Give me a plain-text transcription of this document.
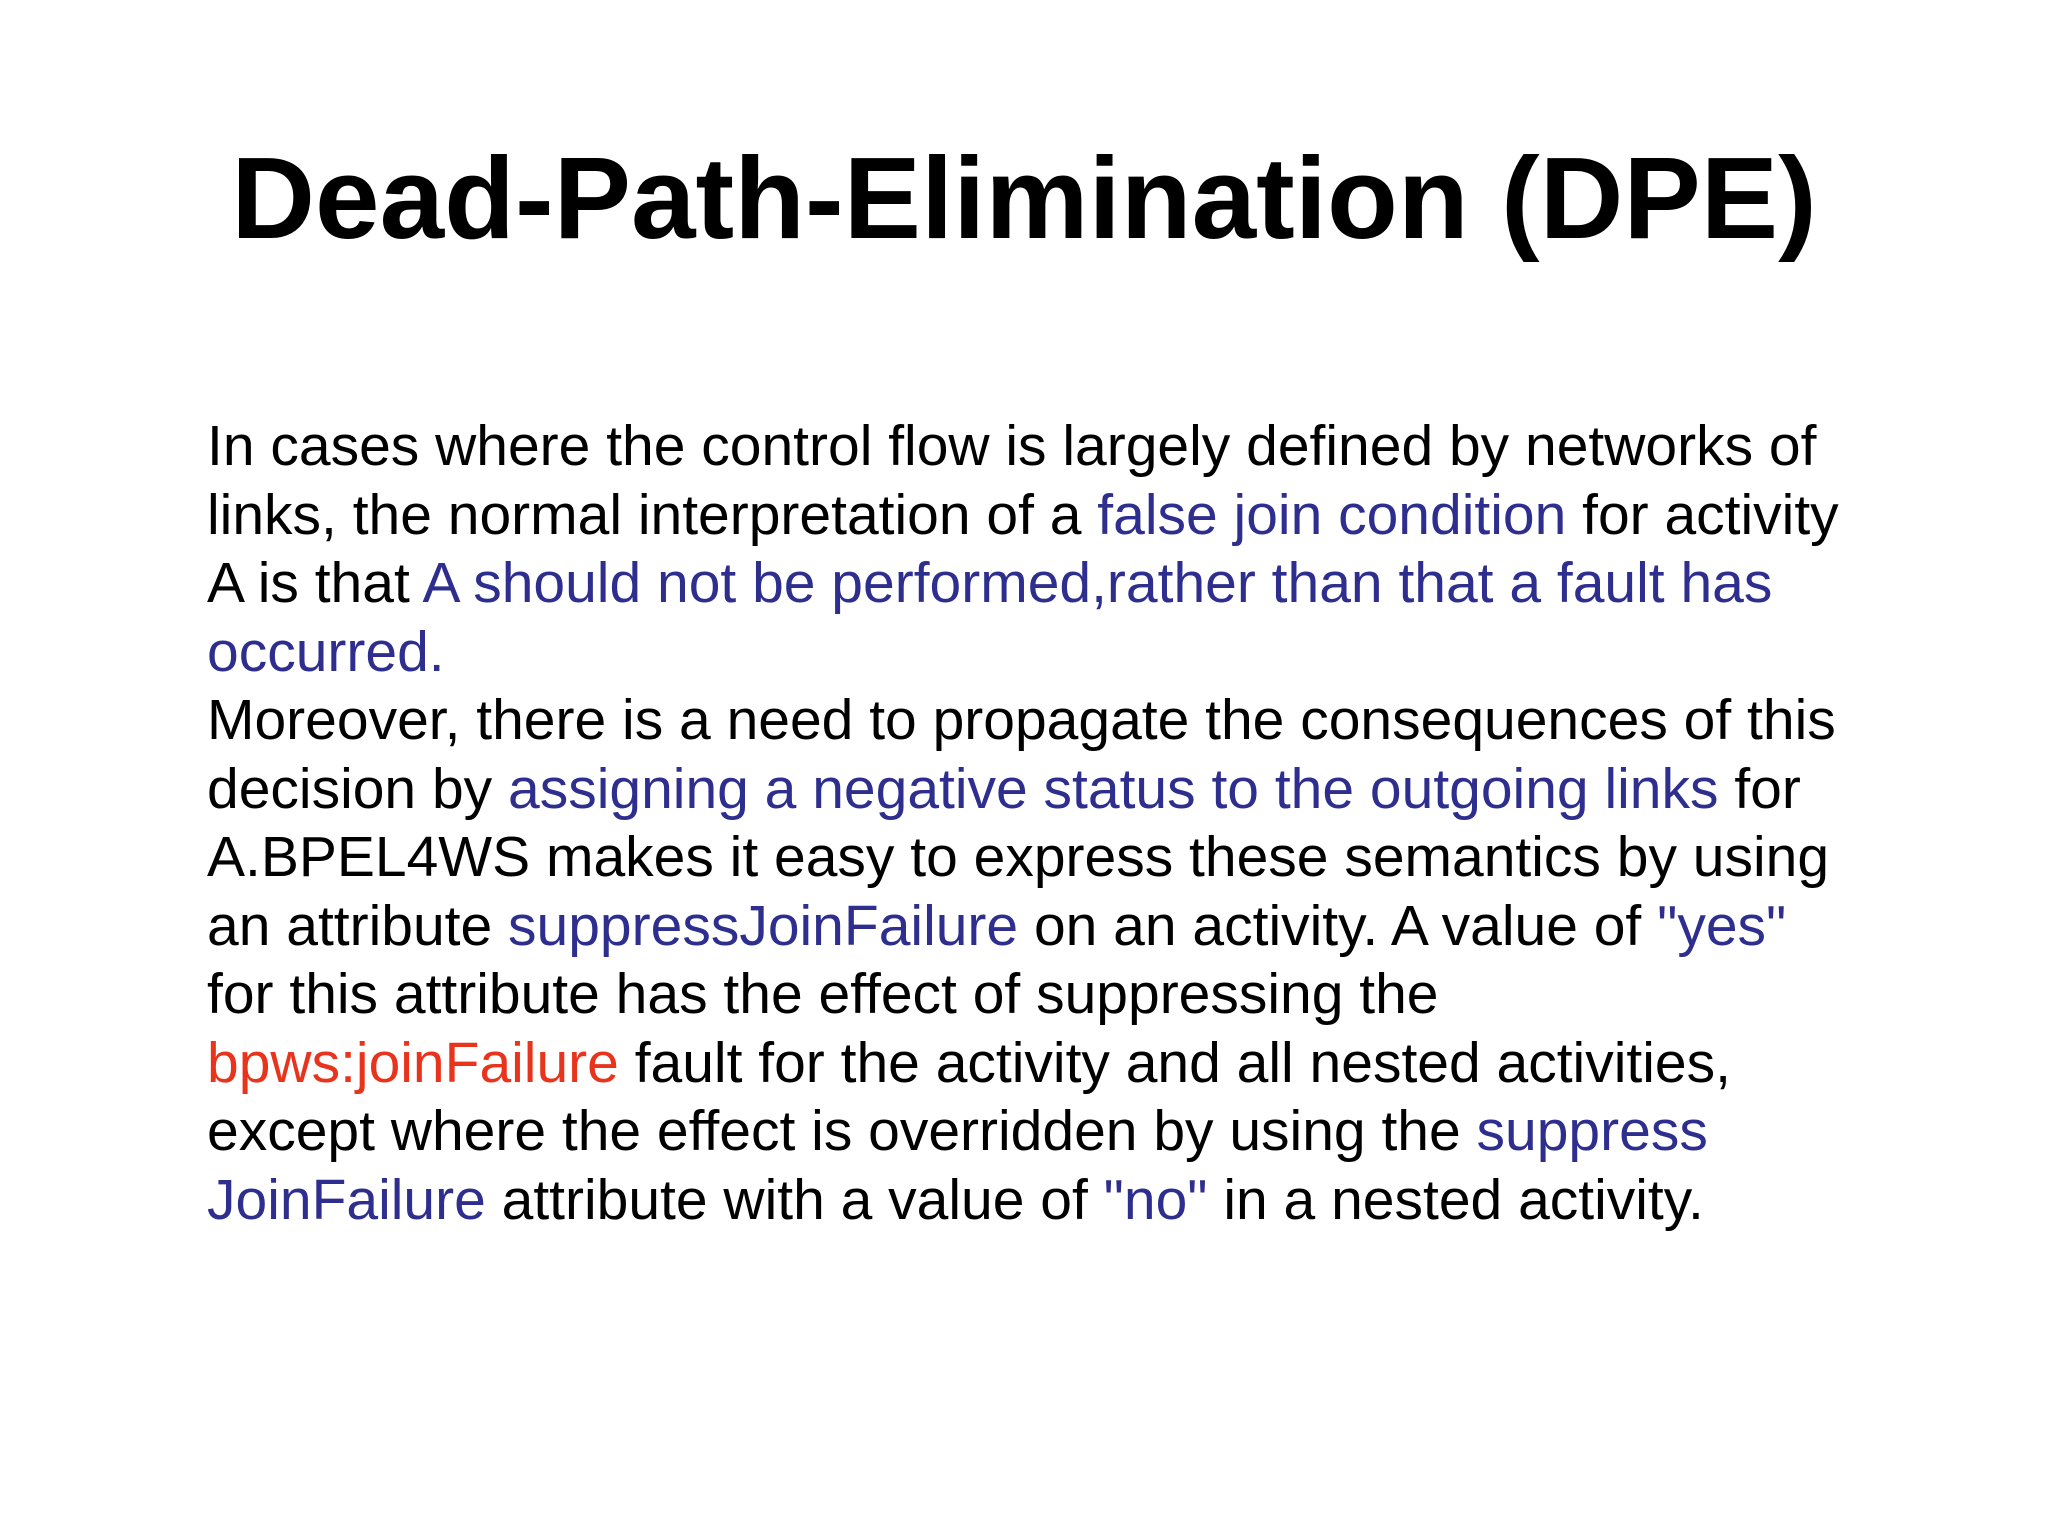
Dead-Path-Elimination (DPE)
In cases where the control flow is largely defined by networks of
links, the normal interpretation of a false join condition for activity
A is that A should not be performed,rather than that a fault has
occurred.
Moreover, there is a need to propagate the consequences of this
decision by assigning a negative status to the outgoing links for
A.BPEL4WS makes it easy to express these semantics by using
an attribute suppressJoinFailure on an activity. A value of "yes"
for this attribute has the effect of suppressing the
bpws:joinFailure fault for the activity and all nested activities,
except where the effect is overridden by using the suppress
JoinFailure attribute with a value of "no" in a nested activity.
